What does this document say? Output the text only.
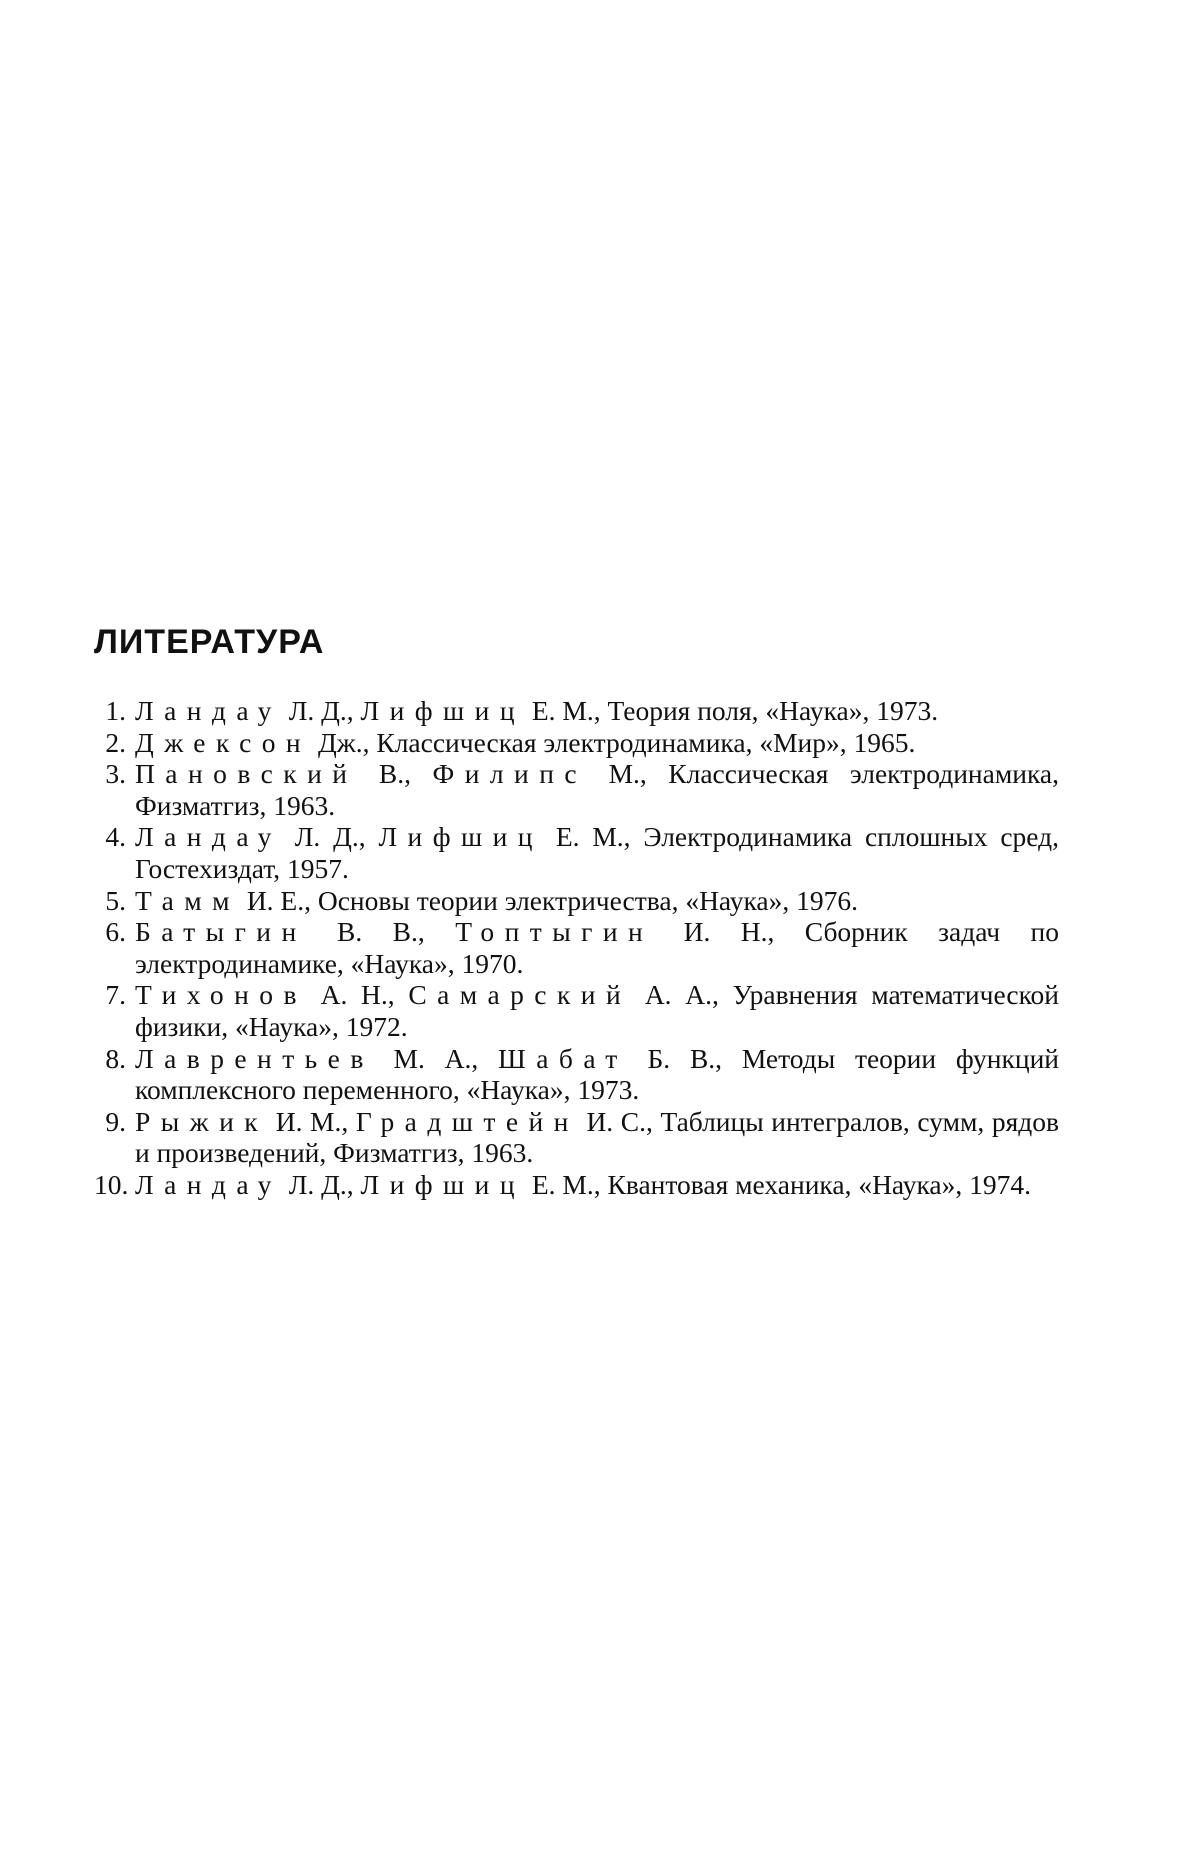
ЛИТЕРАТУРА
1. Ландау Л. Д., Лифшиц Е. М., Теория поля, «Наука», 1973.
2. Джексон Дж., Классическая электродинамика, «Мир», 1965.
3. Пановский В., Филипс М., Классическая электродинамика, Физматгиз, 1963.
4. Ландау Л. Д., Лифшиц Е. М., Электродинамика сплошных сред, Гостехиздат, 1957.
5. Тамм И. Е., Основы теории электричества, «Наука», 1976.
6. Батыгин В. В., Топтыгин И. Н., Сборник задач по электродинамике, «Наука», 1970.
7. Тихонов А. Н., Самарский А. А., Уравнения математической физики, «Наука», 1972.
8. Лаврентьев М. А., Шабат Б. В., Методы теории функций комплексного переменного, «Наука», 1973.
9. Рыжик И. М., Градштейн И. С., Таблицы интегралов, сумм, рядов и произведений, Физматгиз, 1963.
10. Ландау Л. Д., Лифшиц Е. М., Квантовая механика, «Наука», 1974.
